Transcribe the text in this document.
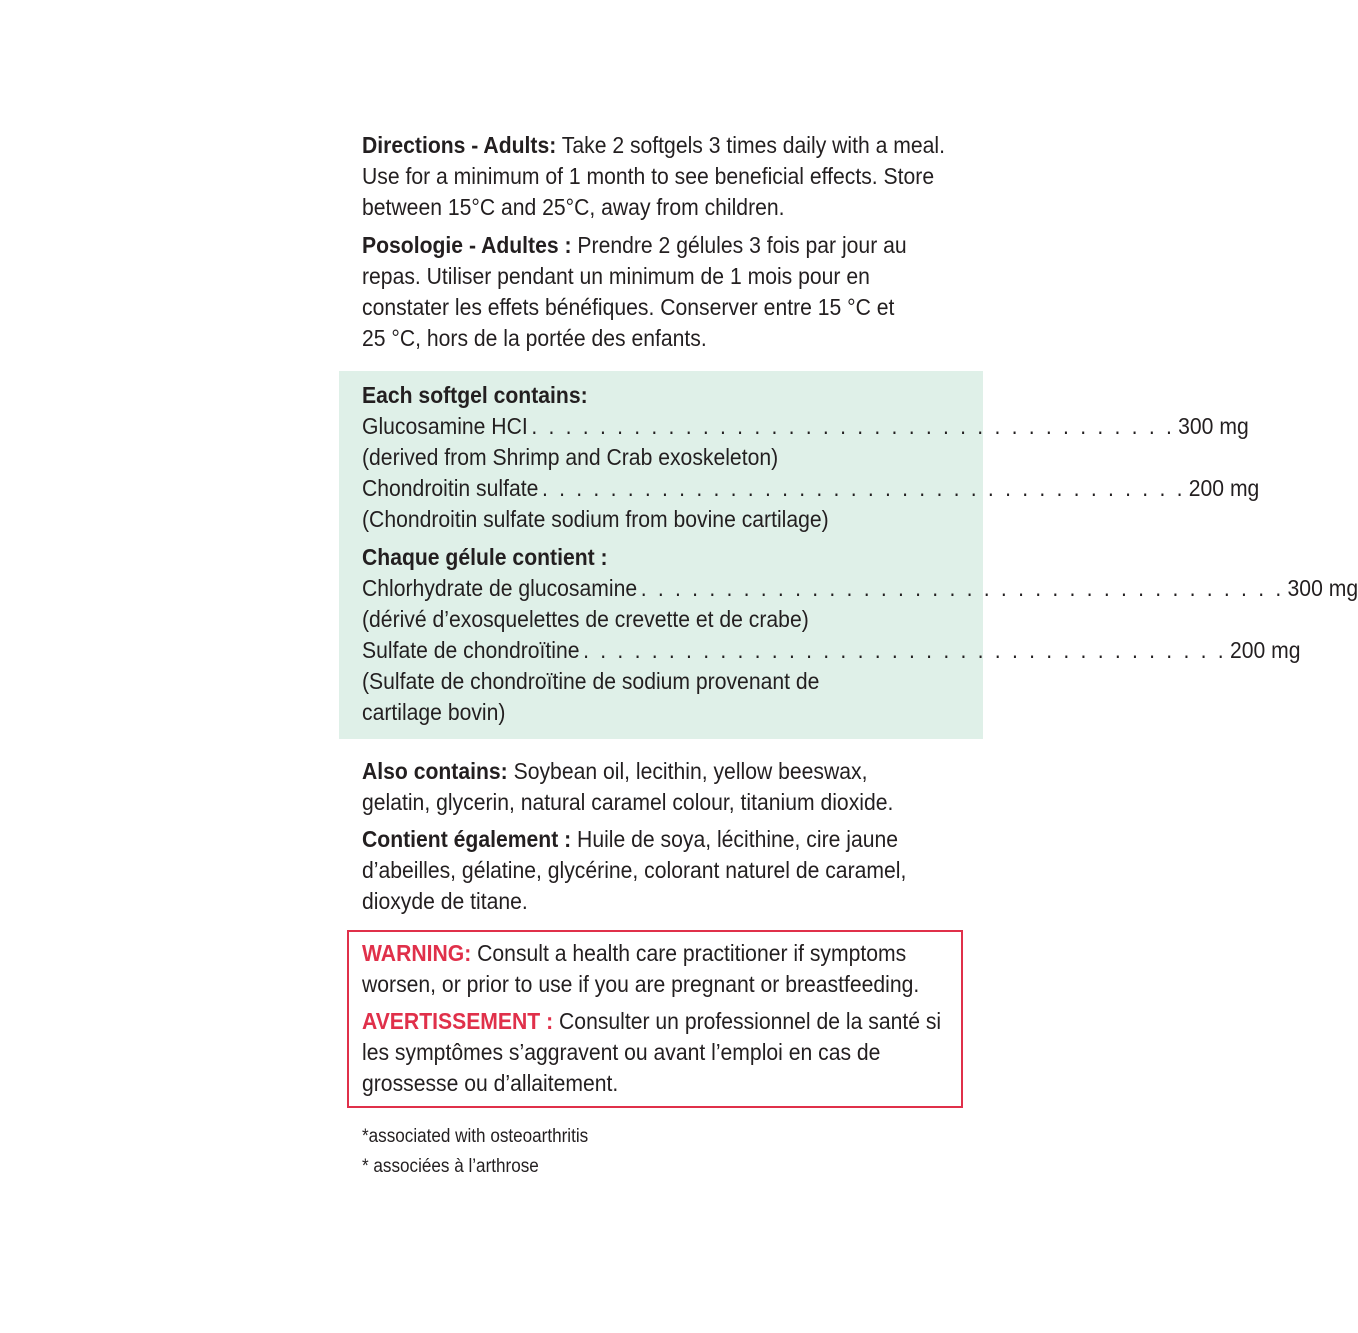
Directions - Adults: Take 2 softgels 3 times daily with a meal.
Use for a minimum of 1 month to see beneficial effects. Store
between 15°C and 25°C, away from children.
Posologie - Adultes : Prendre 2 gélules 3 fois par jour au
repas. Utiliser pendant un minimum de 1 mois pour en
constater les effets bénéfiques. Conserver entre 15 °C et
25 °C, hors de la portée des enfants.
Each softgel contains:
Glucosamine HCI . . . . . . . . . . . . . . . . . . . . . . . . . . . . . . . . . . . . . . 300 mg
(derived from Shrimp and Crab exoskeleton)
Chondroitin sulfate . . . . . . . . . . . . . . . . . . . . . . . . . . . . . . . . . . . . . . 200 mg
(Chondroitin sulfate sodium from bovine cartilage)
Chaque gélule contient :
Chlorhydrate de glucosamine . . . . . . . . . . . . . . . . . . . . . . . . . . . . . . . . . . . . . . 300 mg
(dérivé d’exosquelettes de crevette et de crabe)
Sulfate de chondroïtine . . . . . . . . . . . . . . . . . . . . . . . . . . . . . . . . . . . . . . 200 mg
(Sulfate de chondroïtine de sodium provenant de
cartilage bovin)
Also contains: Soybean oil, lecithin, yellow beeswax,
gelatin, glycerin, natural caramel colour, titanium dioxide.
Contient également : Huile de soya, lécithine, cire jaune
d’abeilles, gélatine, glycérine, colorant naturel de caramel,
dioxyde de titane.
WARNING: Consult a health care practitioner if symptoms
worsen, or prior to use if you are pregnant or breastfeeding.
AVERTISSEMENT : Consulter un professionnel de la santé si
les symptômes s’aggravent ou avant l’emploi en cas de
grossesse ou d’allaitement.
*associated with osteoarthritis
* associées à l’arthrose
